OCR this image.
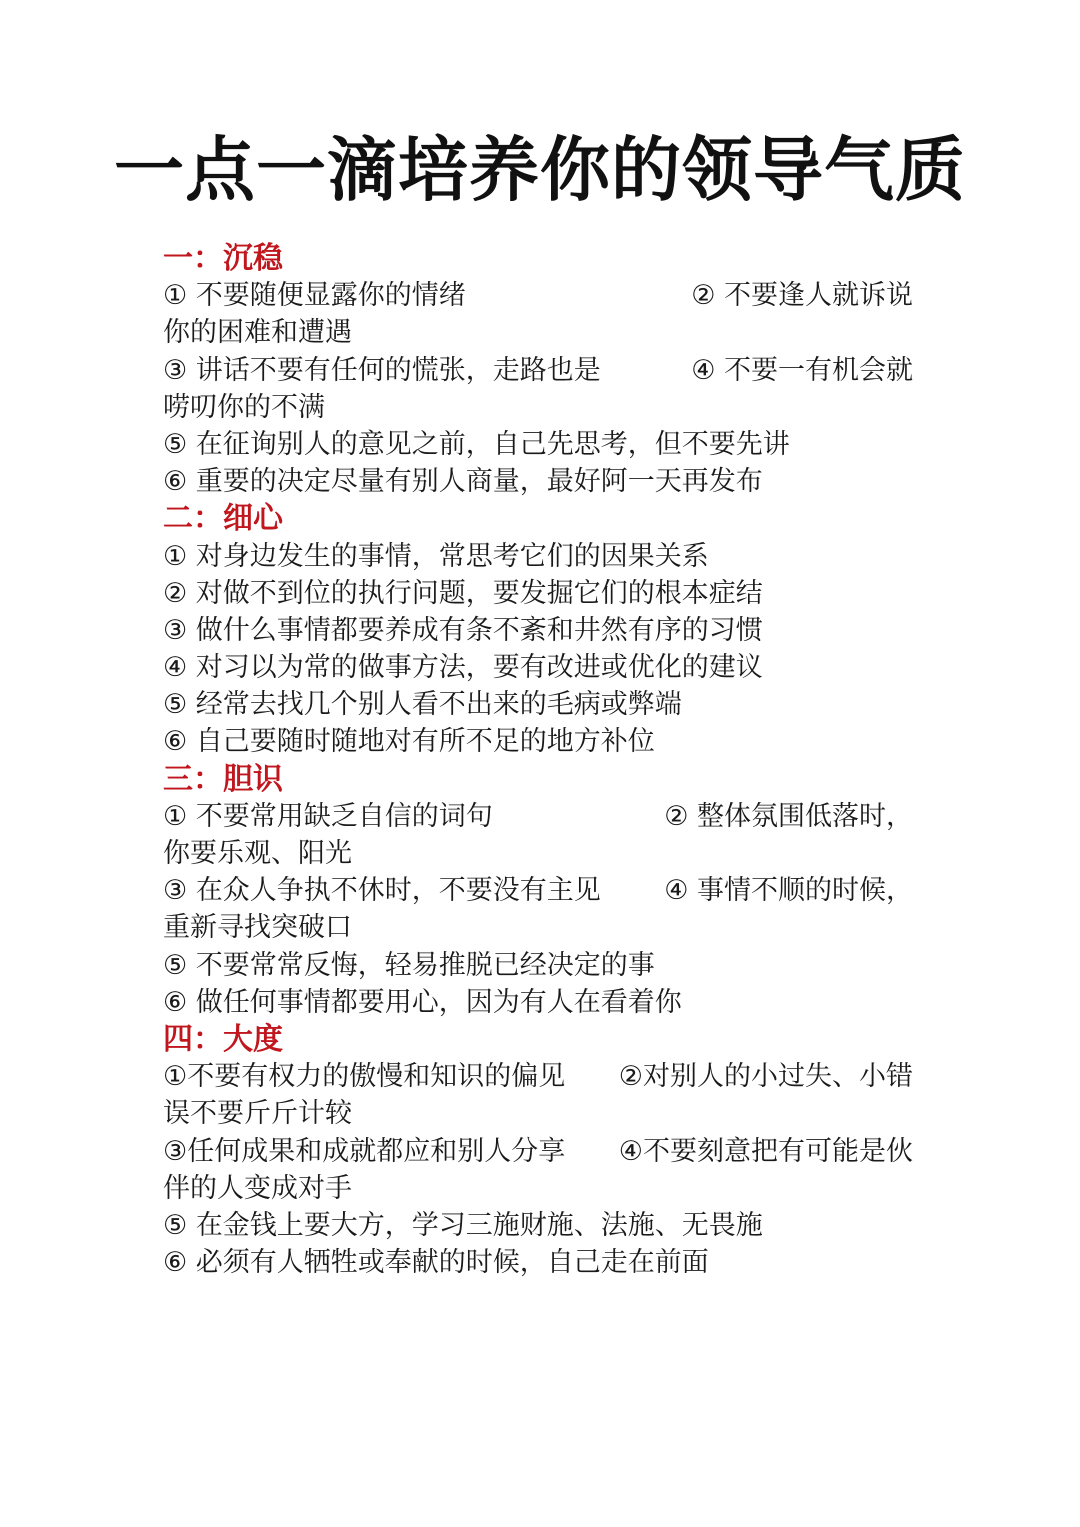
一点一滴培养你的领导气质
一：沉稳
① 不要随便显露你的情绪	② 不要逢人就诉说
你的困难和遭遇
③ 讲话不要有任何的慌张，走路也是	④ 不要一有机会就
唠叨你的不满
⑤ 在征询别人的意见之前，自己先思考，但不要先讲
⑥ 重要的决定尽量有别人商量，最好阿一天再发布
二：细心
① 对身边发生的事情，常思考它们的因果关系
② 对做不到位的执行问题，要发掘它们的根本症结
③ 做什么事情都要养成有条不紊和井然有序的习惯
④ 对习以为常的做事方法，要有改进或优化的建议
⑤ 经常去找几个别人看不出来的毛病或弊端
⑥ 自己要随时随地对有所不足的地方补位
三：胆识
① 不要常用缺乏自信的词句	② 整体氛围低落时，
你要乐观、阳光
③ 在众人争执不休时，不要没有主见 ④ 事情不顺的时候，
重新寻找突破口
⑤ 不要常常反悔，轻易推脱已经决定的事
⑥ 做任何事情都要用心，因为有人在看着你
四：大度
①不要有权力的傲慢和知识的偏见 ②对别人的小过失、小错
误不要斤斤计较
③任何成果和成就都应和别人分享 ④不要刻意把有可能是伙
伴的人变成对手
⑤ 在金钱上要大方，学习三施财施、法施、无畏施
⑥ 必须有人牺牲或奉献的时候，自己走在前面
